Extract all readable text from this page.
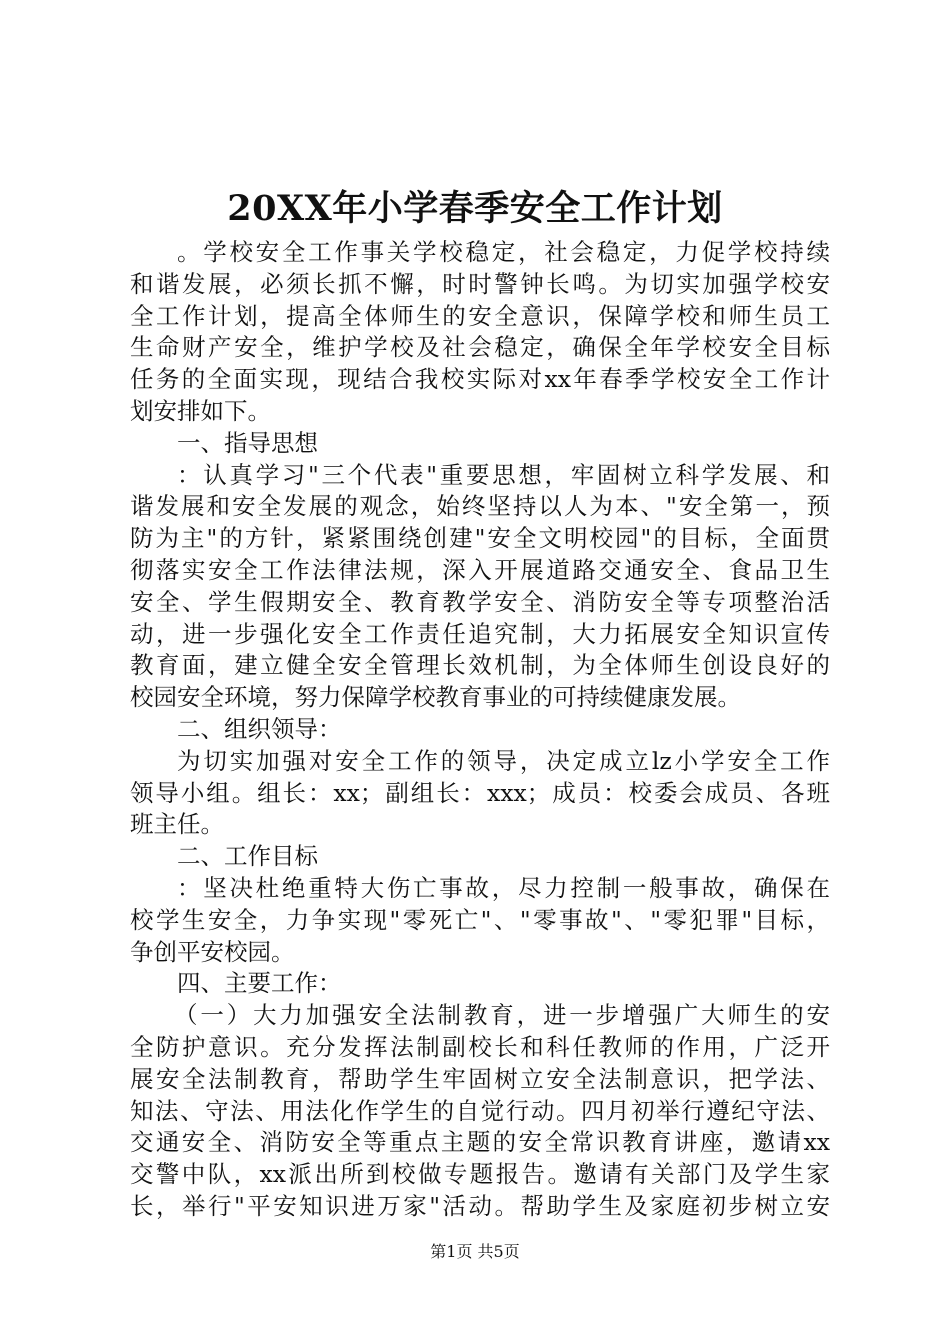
20XX年小学春季安全工作计划
。学校安全工作事关学校稳定，社会稳定，力促学校持续
和谐发展，必须长抓不懈，时时警钟长鸣。为切实加强学校安
全工作计划，提高全体师生的安全意识，保障学校和师生员工
生命财产安全，维护学校及社会稳定，确保全年学校安全目标
任务的全面实现，现结合我校实际对xx年春季学校安全工作计
划安排如下。
一、指导思想
：认真学习"三个代表"重要思想，牢固树立科学发展、和
谐发展和安全发展的观念，始终坚持以人为本、"安全第一，预
防为主"的方针，紧紧围绕创建"安全文明校园"的目标，全面贯
彻落实安全工作法律法规，深入开展道路交通安全、食品卫生
安全、学生假期安全、教育教学安全、消防安全等专项整治活
动，进一步强化安全工作责任追究制，大力拓展安全知识宣传
教育面，建立健全安全管理长效机制，为全体师生创设良好的
校园安全环境，努力保障学校教育事业的可持续健康发展。
二、组织领导：
为切实加强对安全工作的领导，决定成立lz小学安全工作
领导小组。组长：xx；副组长：xxx；成员：校委会成员、各班
班主任。
二、工作目标
：坚决杜绝重特大伤亡事故，尽力控制一般事故，确保在
校学生安全，力争实现"零死亡"、"零事故"、"零犯罪"目标，
争创平安校园。
四、主要工作：
（一）大力加强安全法制教育，进一步增强广大师生的安
全防护意识。充分发挥法制副校长和科任教师的作用，广泛开
展安全法制教育，帮助学生牢固树立安全法制意识，把学法、
知法、守法、用法化作学生的自觉行动。四月初举行遵纪守法、
交通安全、消防安全等重点主题的安全常识教育讲座，邀请xx
交警中队，xx派出所到校做专题报告。邀请有关部门及学生家
长，举行"平安知识进万家"活动。帮助学生及家庭初步树立安
第1页 共5页
